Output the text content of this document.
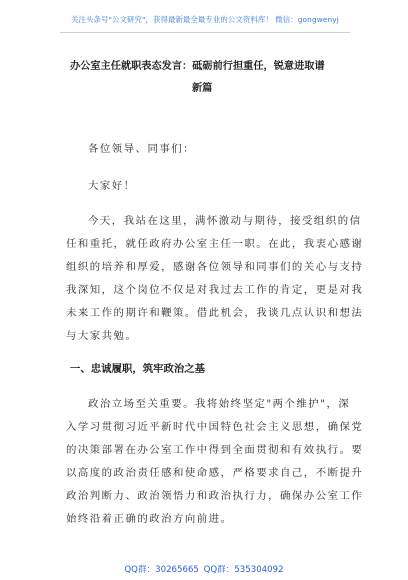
关注头条号"公文研究"，获得最新最全最专业的公文资料库！ 微信：gongwenyj
办公室主任就职表态发言：砥砺前行担重任，锐意进取谱
新篇
各位领导、同事们：
大家好！
今天，我站在这里，满怀激动与期待，接受组织的信
任和重托，就任政府办公室主任一职。在此，我衷心感谢
组织的培养和厚爱，感谢各位领导和同事们的关心与支持
我深知，这个岗位不仅是对我过去工作的肯定，更是对我
未来工作的期许和鞭策。借此机会，我谈几点认识和想法
与大家共勉。
一、忠诚履职，筑牢政治之基
政治立场至关重要。我将始终坚定"两个维护"，深
入学习贯彻习近平新时代中国特色社会主义思想，确保党
的决策部署在办公室工作中得到全面贯彻和有效执行。要
以高度的政治责任感和使命感，严格要求自己，不断提升
政治判断力、政治领悟力和政治执行力，确保办公室工作
始终沿着正确的政治方向前进。
QQ群：30265665 QQ群：535304092
